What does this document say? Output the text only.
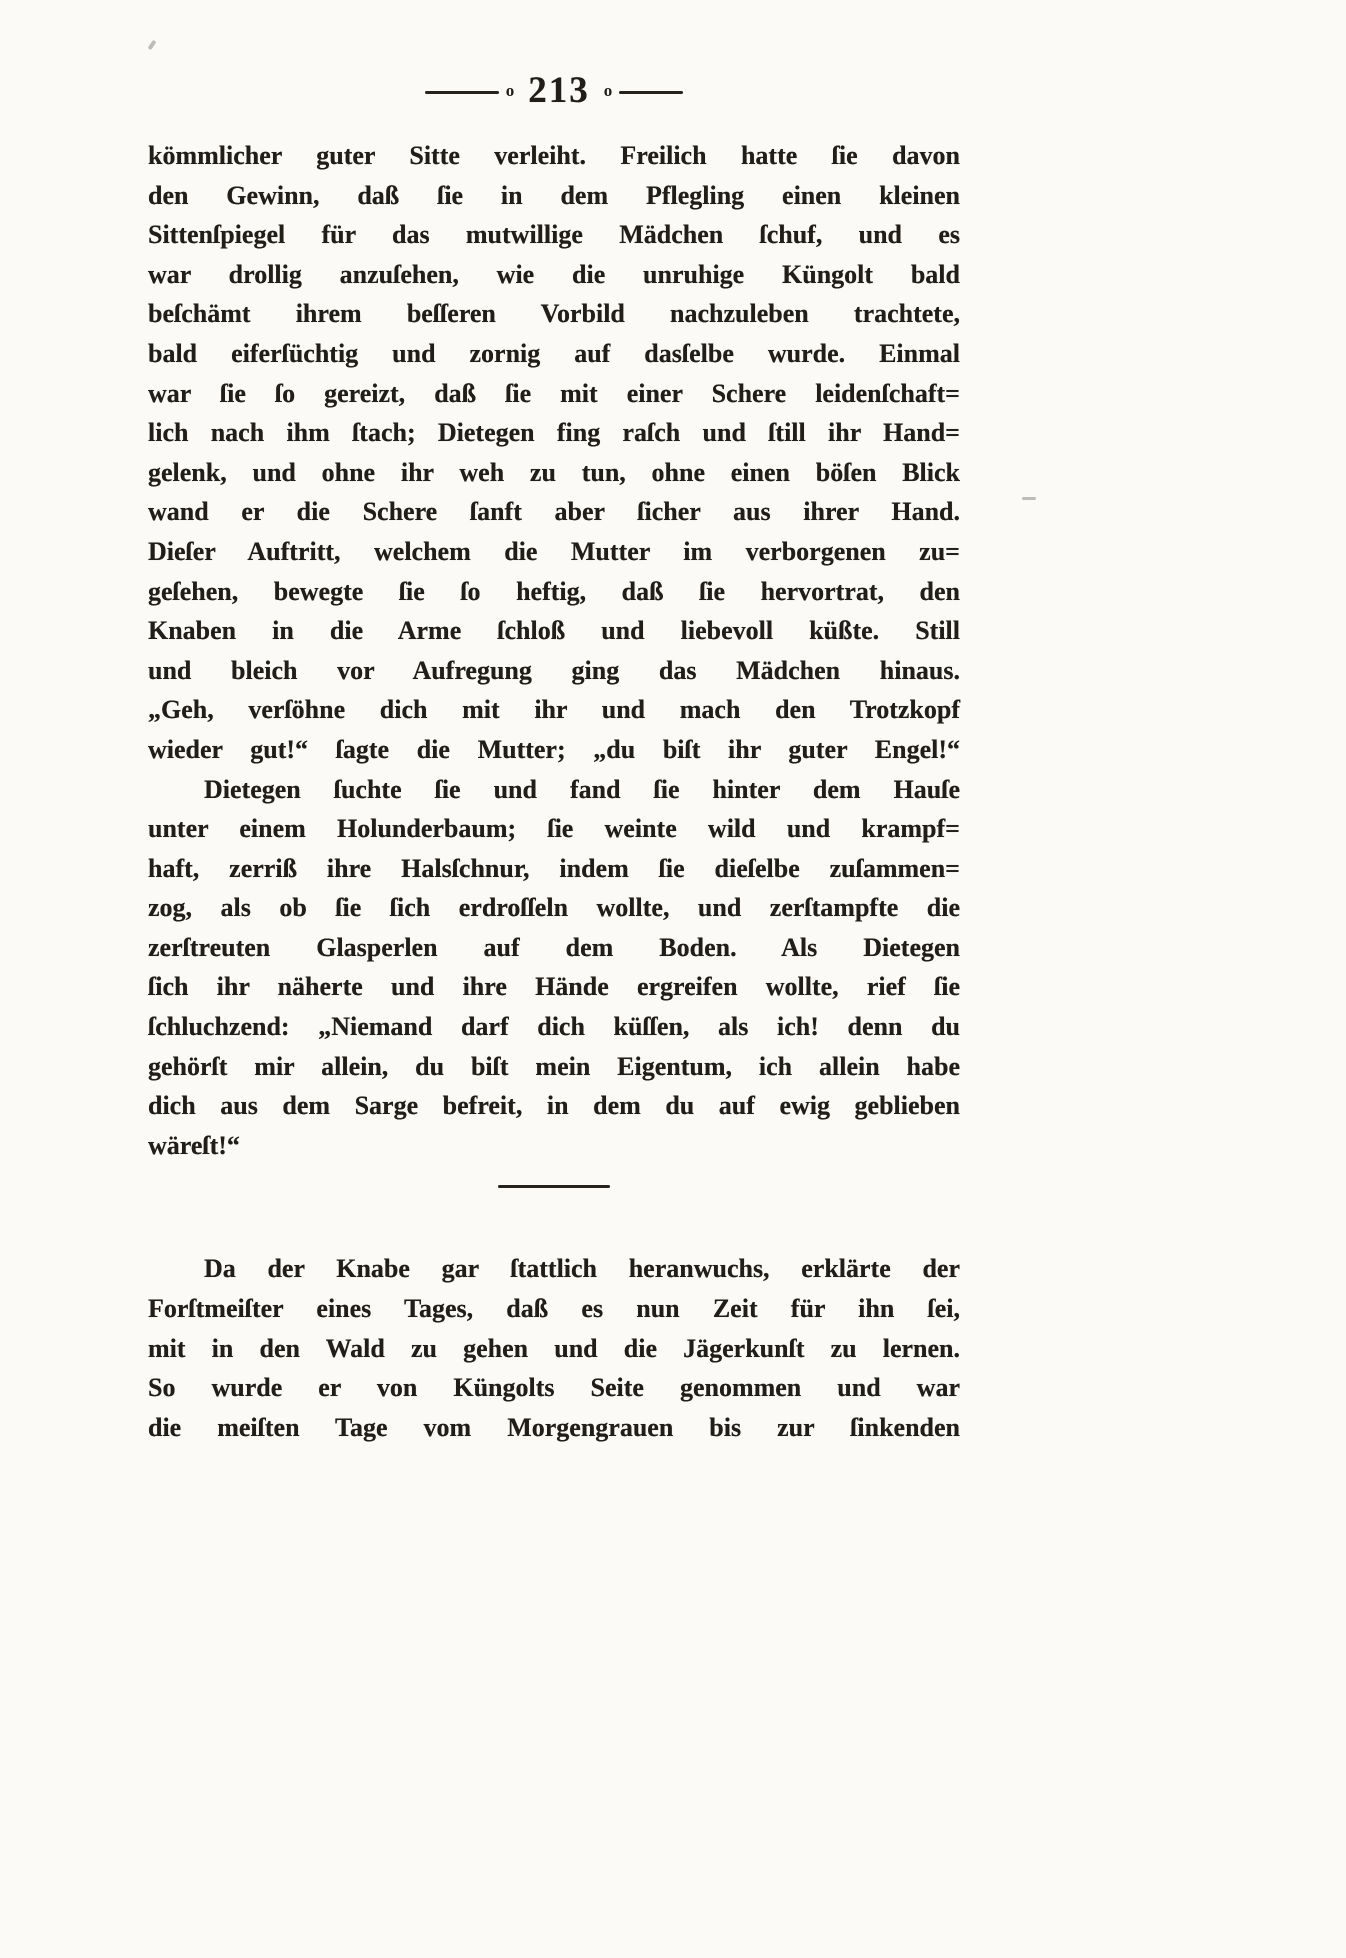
o 213 o
kömmlicher guter Sitte verleiht. Freilich hatte ſie davon
den Gewinn, daß ſie in dem Pflegling einen kleinen
Sittenſpiegel für das mutwillige Mädchen ſchuf, und es
war drollig anzuſehen, wie die unruhige Küngolt bald
beſchämt ihrem beſſeren Vorbild nachzuleben trachtete,
bald eiferſüchtig und zornig auf dasſelbe wurde. Einmal
war ſie ſo gereizt, daß ſie mit einer Schere leidenſchaft=
lich nach ihm ſtach; Dietegen fing raſch und ſtill ihr Hand=
gelenk, und ohne ihr weh zu tun, ohne einen böſen Blick
wand er die Schere ſanft aber ſicher aus ihrer Hand.
Dieſer Auftritt, welchem die Mutter im verborgenen zu=
geſehen, bewegte ſie ſo heftig, daß ſie hervortrat, den
Knaben in die Arme ſchloß und liebevoll küßte. Still
und bleich vor Aufregung ging das Mädchen hinaus.
„Geh, verſöhne dich mit ihr und mach den Trotzkopf
wieder gut!“ ſagte die Mutter; „du biſt ihr guter Engel!“
Dietegen ſuchte ſie und fand ſie hinter dem Hauſe
unter einem Holunderbaum; ſie weinte wild und krampf=
haft, zerriß ihre Halsſchnur, indem ſie dieſelbe zuſammen=
zog, als ob ſie ſich erdroſſeln wollte, und zerſtampfte die
zerſtreuten Glasperlen auf dem Boden. Als Dietegen
ſich ihr näherte und ihre Hände ergreifen wollte, rief ſie
ſchluchzend: „Niemand darf dich küſſen, als ich! denn du
gehörſt mir allein, du biſt mein Eigentum, ich allein habe
dich aus dem Sarge befreit, in dem du auf ewig geblieben
wäreſt!“
Da der Knabe gar ſtattlich heranwuchs, erklärte der
Forſtmeiſter eines Tages, daß es nun Zeit für ihn ſei,
mit in den Wald zu gehen und die Jägerkunſt zu lernen.
So wurde er von Küngolts Seite genommen und war
die meiſten Tage vom Morgengrauen bis zur ſinkenden
